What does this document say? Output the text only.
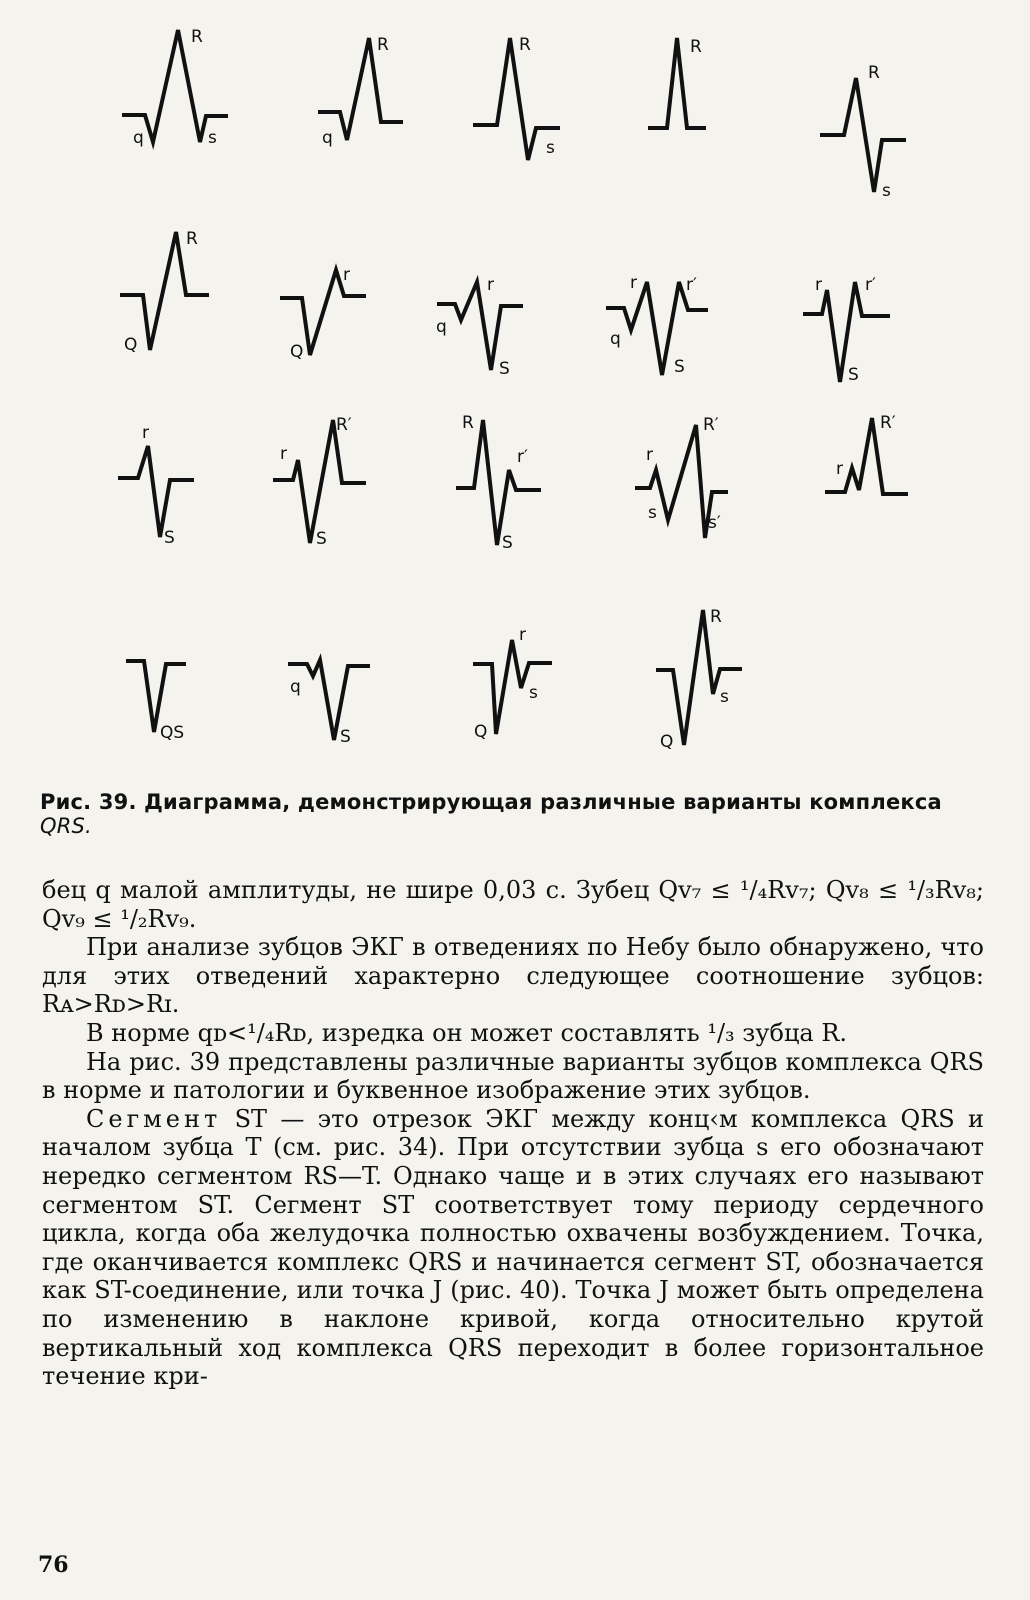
R
q	s
R
q
R
s
R
R
s
R
Q
r
Q
r
q
S
r	r′
q
S
r	r′
S
r
S
r
R′
S
R
r′
S
R′
r
s	s′
r
R′
QS
q
S
r
Q
s
R
Q
s
Рис. 39. Диаграмма, демонстрирующая различные варианты комплекса QRS.

бец q малой амплитуды, не шире 0,03 с. Зубец Qv₇ ≤ ¹/₄Rv₇; Qv₈ ≤ ¹/₃Rv₈; Qv₉ ≤ ¹/₂Rv₉.

При анализе зубцов ЭКГ в отведениях по Небу было обнаружено, что для этих отведений характерно следующее соотношение зубцов: Rᴀ>Rᴅ>Rɪ.

В норме qᴅ<¹/₄Rᴅ, изредка он может составлять ¹/₃ зубца R.

На рис. 39 представлены различные варианты зубцов комплекса QRS в норме и патологии и буквенное изображение этих зубцов.

Сегмент ST — это отрезок ЭКГ между конц‹м комплекса QRS и началом зубца T (см. рис. 34). При отсутствии зубца s его обозначают нередко сегментом RS—T. Однако чаще и в этих случаях его называют сегментом ST. Сегмент ST соответствует тому периоду сердечного цикла, когда оба желудочка полностью охвачены возбуждением. Точка, где оканчивается комплекс QRS и начинается сегмент ST, обозначается как ST-соединение, или точка J (рис. 40). Точка J может быть определена по изменению в наклоне кривой, когда относительно крутой вертикальный ход комплекса QRS переходит в более горизонтальное течение кри-

76
